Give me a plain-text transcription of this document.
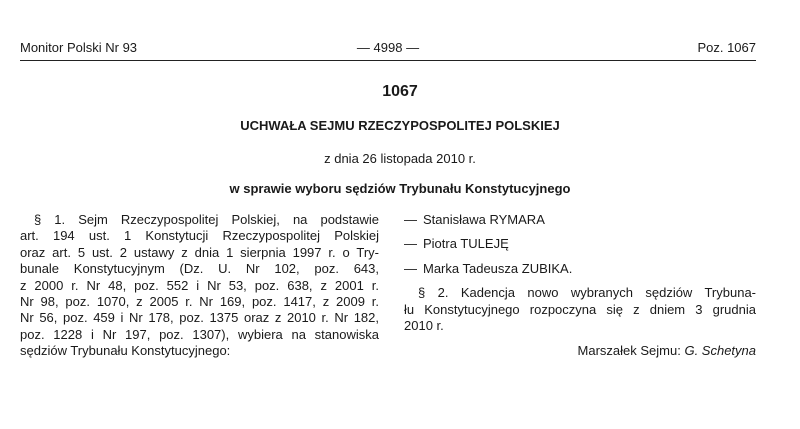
Monitor Polski Nr 93	— 4998 —	Poz. 1067
1067
UCHWAŁA SEJMU RZECZYPOSPOLITEJ POLSKIEJ
z dnia 26 listopada 2010 r.
w sprawie wyboru sędziów Trybunału Konstytucyjnego
§ 1. Sejm Rzeczypospolitej Polskiej, na podstawie
art. 194 ust. 1 Konstytucji Rzeczypospolitej Polskiej
oraz art. 5 ust. 2 ustawy z dnia 1 sierpnia 1997 r. o Try-
bunale Konstytucyjnym (Dz. U. Nr 102, poz. 643,
z 2000 r. Nr 48, poz. 552 i Nr 53, poz. 638, z 2001 r.
Nr 98, poz. 1070, z 2005 r. Nr 169, poz. 1417, z 2009 r.
Nr 56, poz. 459 i Nr 178, poz. 1375 oraz z 2010 r. Nr 182,
poz. 1228 i Nr 197, poz. 1307), wybiera na stanowiska
sędziów Trybunału Konstytucyjnego:
— Stanisława RYMARA
— Piotra TULEJĘ
— Marka Tadeusza ZUBIKA.
§ 2. Kadencja nowo wybranych sędziów Trybuna-
łu Konstytucyjnego rozpoczyna się z dniem 3 grudnia
2010 r.
Marszałek Sejmu: G. Schetyna
